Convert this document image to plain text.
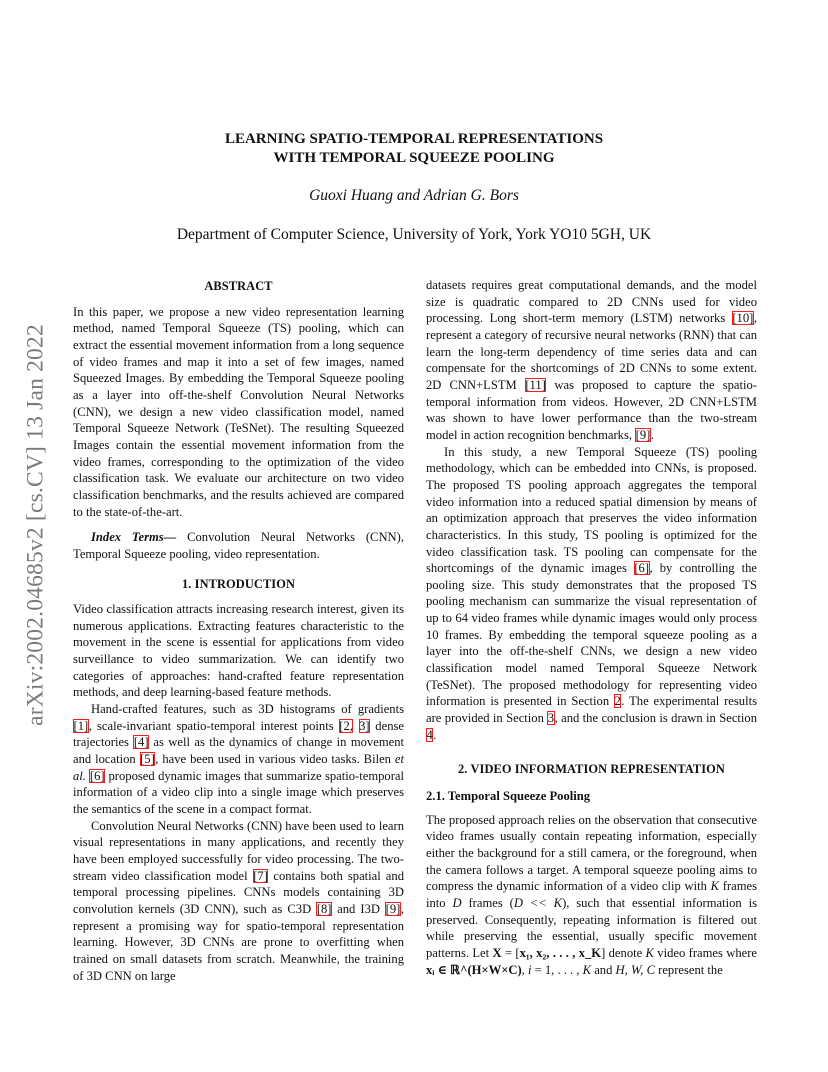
arXiv:2002.04685v2 [cs.CV] 13 Jan 2022
LEARNING SPATIO-TEMPORAL REPRESENTATIONS
WITH TEMPORAL SQUEEZE POOLING
Guoxi Huang and Adrian G. Bors
Department of Computer Science, University of York, York YO10 5GH, UK
ABSTRACT

In this paper, we propose a new video representation learning method, named Temporal Squeeze (TS) pooling, which can extract the essential movement information from a long sequence of video frames and map it into a set of few images, named Squeezed Images. By embedding the Temporal Squeeze pooling as a layer into off-the-shelf Convolution Neural Networks (CNN), we design a new video classification model, named Temporal Squeeze Network (TeSNet). The resulting Squeezed Images contain the essential movement information from the video frames, corresponding to the optimization of the video classification task. We evaluate our architecture on two video classification benchmarks, and the results achieved are compared to the state-of-the-art.

Index Terms— Convolution Neural Networks (CNN), Temporal Squeeze pooling, video representation.

1. INTRODUCTION

Video classification attracts increasing research interest, given its numerous applications. Extracting features characteristic to the movement in the scene is essential for applications from video surveillance to video summarization. We can identify two categories of approaches: hand-crafted feature representation methods, and deep learning-based feature methods.

Hand-crafted features, such as 3D histograms of gradients [1], scale-invariant spatio-temporal interest points [2, 3] dense trajectories [4] as well as the dynamics of change in movement and location [5], have been used in various video tasks. Bilen et al. [6] proposed dynamic images that summarize spatio-temporal information of a video clip into a single image which preserves the semantics of the scene in a compact format.

Convolution Neural Networks (CNN) have been used to learn visual representations in many applications, and recently they have been employed successfully for video processing. The two-stream video classification model [7] contains both spatial and temporal processing pipelines. CNNs models containing 3D convolution kernels (3D CNN), such as C3D [8] and I3D [9], represent a promising way for spatio-temporal representation learning. However, 3D CNNs are prone to overfitting when trained on small datasets from scratch. Meanwhile, the training of 3D CNN on large

datasets requires great computational demands, and the model size is quadratic compared to 2D CNNs used for video processing. Long short-term memory (LSTM) networks [10], represent a category of recursive neural networks (RNN) that can learn the long-term dependency of time series data and can compensate for the shortcomings of 2D CNNs to some extent. 2D CNN+LSTM [11] was proposed to capture the spatio-temporal information from videos. However, 2D CNN+LSTM was shown to have lower performance than the two-stream model in action recognition benchmarks, [9].

In this study, a new Temporal Squeeze (TS) pooling methodology, which can be embedded into CNNs, is proposed. The proposed TS pooling approach aggregates the temporal video information into a reduced spatial dimension by means of an optimization approach that preserves the video information characteristics. In this study, TS pooling is optimized for the video classification task. TS pooling can compensate for the shortcomings of the dynamic images [6], by controlling the pooling size. This study demonstrates that the proposed TS pooling mechanism can summarize the visual representation of up to 64 video frames while dynamic images would only process 10 frames. By embedding the temporal squeeze pooling as a layer into the off-the-shelf CNNs, we design a new video classification model named Temporal Squeeze Network (TeSNet). The proposed methodology for representing video information is presented in Section 2. The experimental results are provided in Section 3, and the conclusion is drawn in Section 4.

2. VIDEO INFORMATION REPRESENTATION
2.1. Temporal Squeeze Pooling

The proposed approach relies on the observation that consecutive video frames usually contain repeating information, especially either the background for a still camera, or the foreground, when the camera follows a target. A temporal squeeze pooling aims to compress the dynamic information of a video clip with K frames into D frames (D << K), such that essential information is preserved. Consequently, repeating information is filtered out while preserving the essential, usually specific movement patterns. Let X = [x₁, x₂, . . . , x_K] denote K video frames where xᵢ ∈ ℝ^(H×W×C), i = 1, . . . , K and H, W, C represent the
